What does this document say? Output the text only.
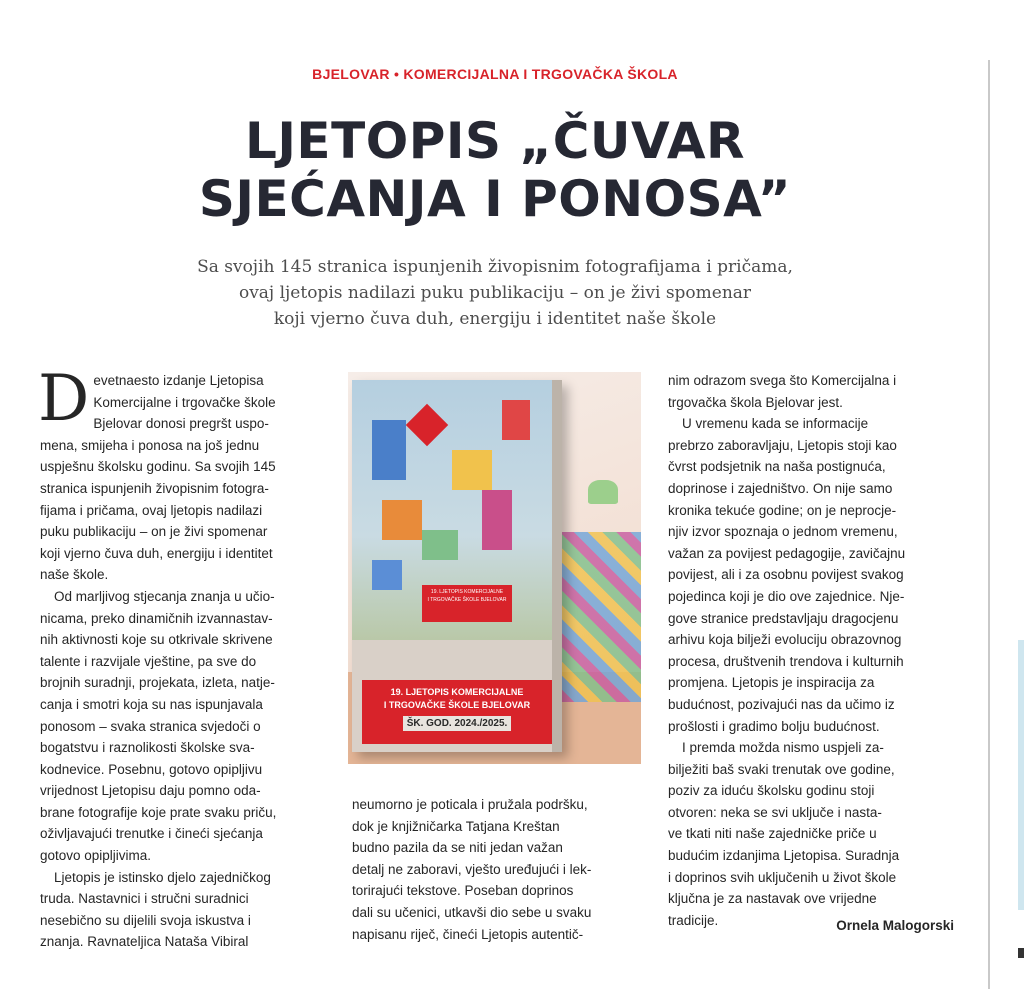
BJELOVAR • KOMERCIJALNA I TRGOVAČKA ŠKOLA
LJETOPIS „ČUVAR
SJEĆANJA I PONOSA”
Sa svojih 145 stranica ispunjenih živopisnim fotografijama i pričama,
ovaj ljetopis nadilazi puku publikaciju – on je živi spomenar
koji vjerno čuva duh, energiju i identitet naše škole

D evetnaesto izdanje Ljetopisa
Komercijalne i trgovačke škole
Bjelovar donosi pregršt uspo-
mena, smijeha i ponosa na još jednu
uspješnu školsku godinu. Sa svojih 145
stranica ispunjenih živopisnim fotogra-
fijama i pričama, ovaj ljetopis nadilazi
puku publikaciju – on je živi spomenar
koji vjerno čuva duh, energiju i identitet
naše škole.

Od marljivog stjecanja znanja u učio-
nicama, preko dinamičnih izvannastav-
nih aktivnosti koje su otkrivale skrivene
talente i razvijale vještine, pa sve do
brojnih suradnji, projekata, izleta, natje-
canja i smotri koja su nas ispunjavala
ponosom – svaka stranica svjedoči o
bogatstvu i raznolikosti školske sva-
kodnevice. Posebnu, gotovo opipljivu
vrijednost Ljetopisu daju pomno oda-
brane fotografije koje prate svaku priču,
oživljavajući trenutke i čineći sjećanja
gotovo opipljivima.

Ljetopis je istinsko djelo zajedničkog
truda. Nastavnici i stručni suradnici
nesebično su dijelili svoja iskustva i
znanja. Ravnateljica Nataša Vibiral

19. LJETOPIS KOMERCIJALNE
I TRGOVAČKE ŠKOLE BJELOVAR
19. LJETOPIS KOMERCIJALNE
I TRGOVAČKE ŠKOLE BJELOVAR
ŠK. GOD. 2024./2025.

neumorno je poticala i pružala podršku,
dok je knjižničarka Tatjana Krеštan
budno pazila da se niti jedan važan
detalj ne zaboravi, vješto uređujući i lek-
torirajući tekstove. Poseban doprinos
dali su učenici, utkavši dio sebe u svaku
napisanu riječ, čineći Ljetopis autentič-

nim odrazom svega što Komercijalna i
trgovačka škola Bjelovar jest.

U vremenu kada se informacije
prebrzo zaboravljaju, Ljetopis stoji kao
čvrst podsjetnik na naša postignuća,
doprinose i zajedništvo. On nije samo
kronika tekuće godine; on je neprocje-
njiv izvor spoznaja o jednom vremenu,
važan za povijest pedagogije, zavičajnu
povijest, ali i za osobnu povijest svakog
pojedinca koji je dio ove zajednice. Nje-
gove stranice predstavljaju dragocjenu
arhivu koja bilježi evoluciju obrazovnog
procesa, društvenih trendova i kulturnih
promjena. Ljetopis je inspiracija za
budućnost, pozivajući nas da učimo iz
prošlosti i gradimo bolju budućnost.

I premda možda nismo uspjeli za-
bilježiti baš svaki trenutak ove godine,
poziv za iduću školsku godinu stoji
otvoren: neka se svi uključe i nasta-
ve tkati niti naše zajedničke priče u
budućim izdanjima Ljetopisa. Suradnja
i doprinos svih uključenih u život škole
ključna je za nastavak ove vrijedne
tradicije.	Ornela Malogorski
